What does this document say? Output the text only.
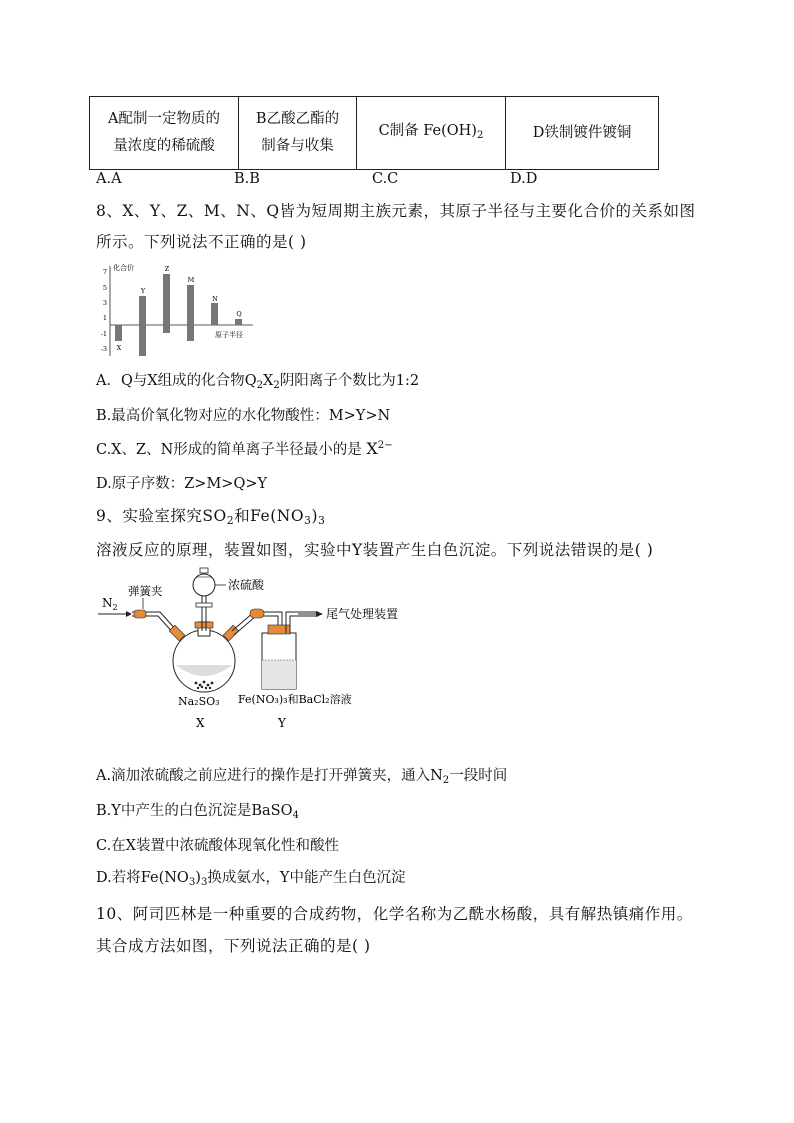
A配制一定物质的
量浓度的稀硫酸

B乙酸乙酯的
制备与收集
	C制备 $Fe(OH)_2$	D铁制镀件镀铜
A.A	B.B	C.C	D.D
8、X、Y、Z、M、N、Q皆为短周期主族元素，其原子半径与主要化合价的关系如图
所示。下列说法不正确的是( )
化合价
原子半径
7
5
3
1
-1
-3 X
Y
Z
M
N
Q
A．Q与X组成的化合物$Q_2X_2$阴阳离子个数比为1:2
B.最高价氧化物对应的水化物酸性：M>Y>N
C.X、Z、N形成的简单离子半径最小的是 $X^{2-}$
D.原子序数：Z>M>Q>Y
9、实验室探究$SO_2$和$Fe(NO_3)_3$
溶液反应的原理，装置如图，实验中Y装置产生白色沉淀。下列说法错误的是( )
$N_2$
弹簧夹	浓硫酸
尾气处理装置
Na₂SO₃ Fe(NO₃)₃和BaCl₂溶液
X	Y
A.滴加浓硫酸之前应进行的操作是打开弹簧夹，通入$N_2$一段时间
B.Y中产生的白色沉淀是BaSO$_4$
C.在X装置中浓硫酸体现氧化性和酸性
D.若将$Fe(NO_3)_3$换成氨水，Y中能产生白色沉淀
10、阿司匹林是一种重要的合成药物，化学名称为乙酰水杨酸，具有解热镇痛作用。
其合成方法如图，下列说法正确的是( )
